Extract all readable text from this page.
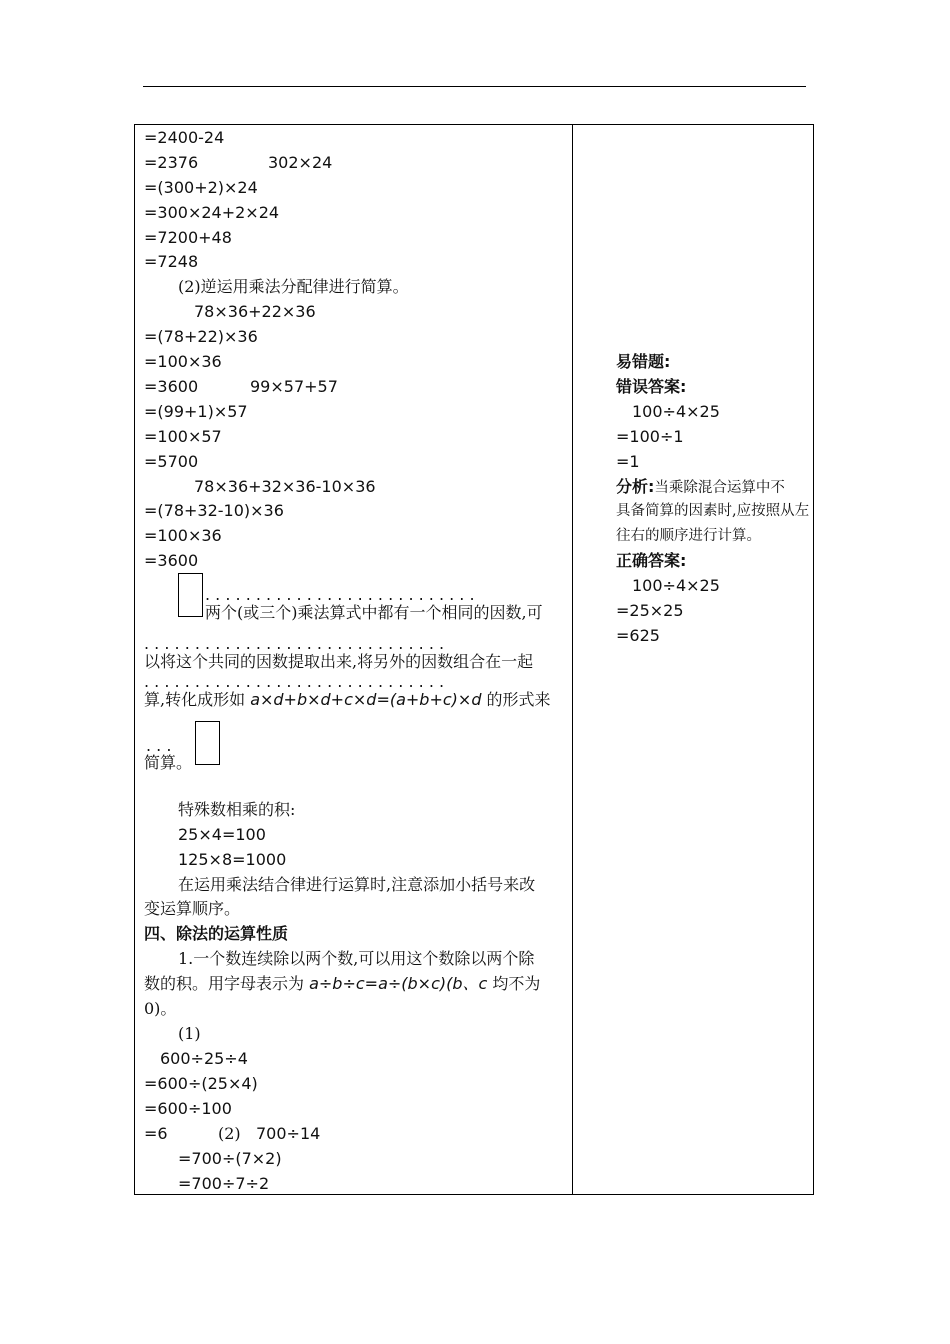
=2400-24
=2376	302×24
=(300+2)×24
=300×24+2×24
=7200+48
=7248
(2)逆运用乘法分配律进行简算。
78×36+22×36
=(78+22)×36
=100×36
=3600	99×57+57
=(99+1)×57
=100×57
=5700
78×36+32×36-10×36
=(78+32-10)×36
=100×36
=3600
. . . . . . . . . . . . . . . . . . . . . . . . . . .
两个(或三个)乘法算式中都有一个相同的因数,可
. . . . . . . . . . . . . . . . . . . . . . . . . . . . . .
以将这个共同的因数提取出来,将另外的因数组合在一起
. . . . . . . . . . . . . . . . . . . . . . . . . . . . . .
算,转化成形如 a×d+b×d+c×d=(a+b+c)×d 的形式来
. . .
简算。
特殊数相乘的积:
25×4=100
125×8=1000
在运用乘法结合律进行运算时,注意添加小括号来改
变运算顺序。
四、除法的运算性质
1.一个数连续除以两个数,可以用这个数除以两个除
数的积。用字母表示为 a÷b÷c=a÷(b×c)(b、c 均不为
0)。
(1)
600÷25÷4
=600÷(25×4)
=600÷100
=6	(2) 700÷14
=700÷(7×2)
=700÷7÷2
易错题:
错误答案:
100÷4×25
=100÷1
=1
分析:当乘除混合运算中不
具备简算的因素时,应按照从左
往右的顺序进行计算。
正确答案:
100÷4×25
=25×25
=625
